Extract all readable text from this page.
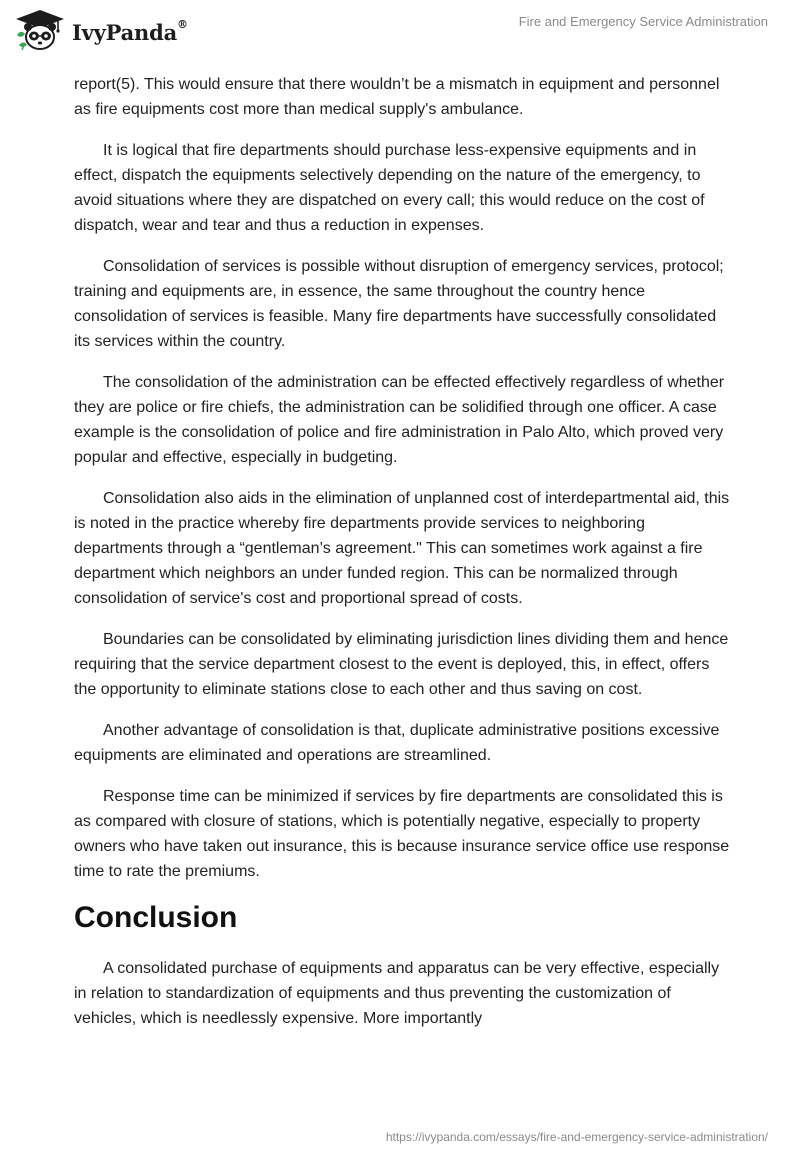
IvyPanda®	Fire and Emergency Service Administration

report(5). This would ensure that there wouldn’t be a mismatch in equipment and personnel as fire equipments cost more than medical supply's ambulance.

It is logical that fire departments should purchase less-expensive equipments and in effect, dispatch the equipments selectively depending on the nature of the emergency, to avoid situations where they are dispatched on every call; this would reduce on the cost of dispatch, wear and tear and thus a reduction in expenses.

Consolidation of services is possible without disruption of emergency services, protocol; training and equipments are, in essence, the same throughout the country hence consolidation of services is feasible. Many fire departments have successfully consolidated its services within the country.

The consolidation of the administration can be effected effectively regardless of whether they are police or fire chiefs, the administration can be solidified through one officer. A case example is the consolidation of police and fire administration in Palo Alto, which proved very popular and effective, especially in budgeting.

Consolidation also aids in the elimination of unplanned cost of interdepartmental aid, this is noted in the practice whereby fire departments provide services to neighboring departments through a “gentleman’s agreement." This can sometimes work against a fire department which neighbors an under funded region. This can be normalized through consolidation of service's cost and proportional spread of costs.

Boundaries can be consolidated by eliminating jurisdiction lines dividing them and hence requiring that the service department closest to the event is deployed, this, in effect, offers the opportunity to eliminate stations close to each other and thus saving on cost.

Another advantage of consolidation is that, duplicate administrative positions excessive equipments are eliminated and operations are streamlined.

Response time can be minimized if services by fire departments are consolidated this is as compared with closure of stations, which is potentially negative, especially to property owners who have taken out insurance, this is because insurance service office use response time to rate the premiums.

Conclusion

A consolidated purchase of equipments and apparatus can be very effective, especially in relation to standardization of equipments and thus preventing the customization of vehicles, which is needlessly expensive. More importantly

https://ivypanda.com/essays/fire-and-emergency-service-administration/
